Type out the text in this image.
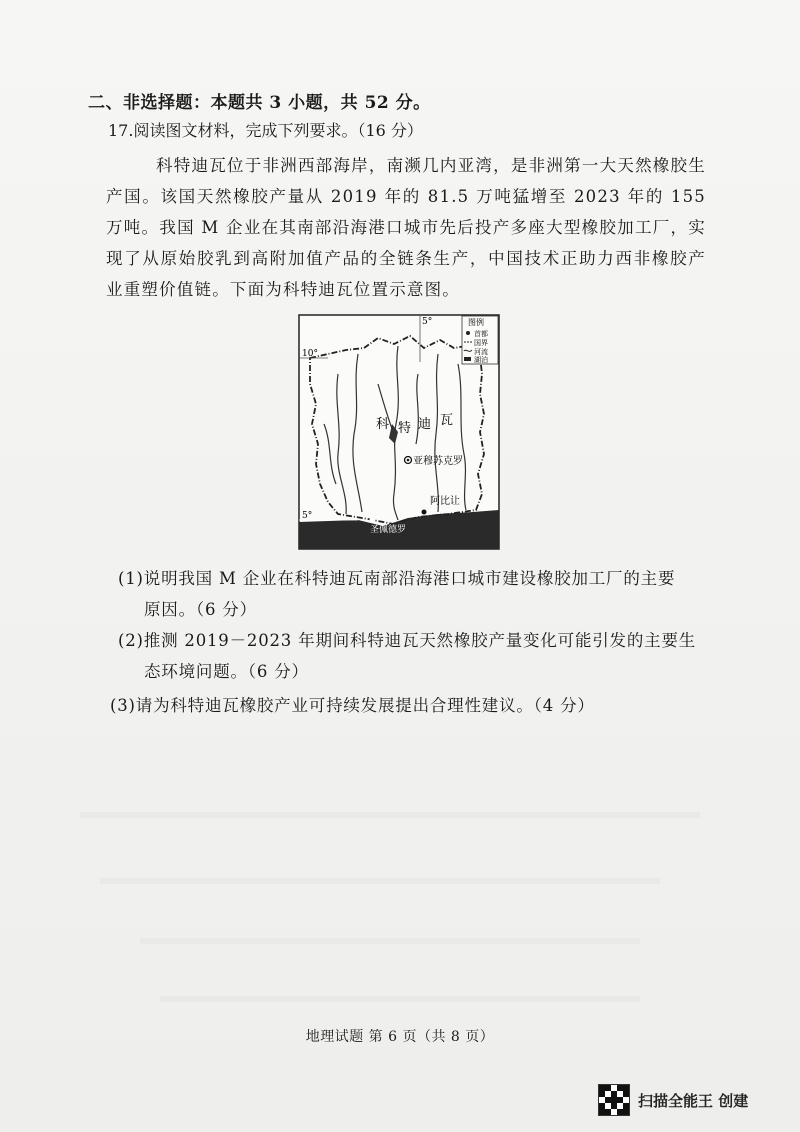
二、非选择题：本题共 3 小题，共 52 分。
17.阅读图文材料，完成下列要求。（16 分）
科特迪瓦位于非洲西部海岸，南濒几内亚湾，是非洲第一大天然橡胶生产国。该国天然橡胶产量从 2019 年的 81.5 万吨猛增至 2023 年的 155 万吨。我国 M 企业在其南部沿海港口城市先后投产多座大型橡胶加工厂，实现了从原始胶乳到高附加值产品的全链条生产，中国技术正助力西非橡胶产业重塑价值链。下面为科特迪瓦位置示意图。
5°
10°
5°
科 特 迪 瓦
亚穆苏克罗
阿比让
圣佩德罗
图例
首都
国界
河流
湖泊
(1)说明我国 M 企业在科特迪瓦南部沿海港口城市建设橡胶加工厂的主要
原因。（6 分）
(2)推测 2019－2023 年期间科特迪瓦天然橡胶产量变化可能引发的主要生
态环境问题。（6 分）
(3)请为科特迪瓦橡胶产业可持续发展提出合理性建议。（4 分）
地理试题 第 6 页（共 8 页）
扫描全能王 创建
